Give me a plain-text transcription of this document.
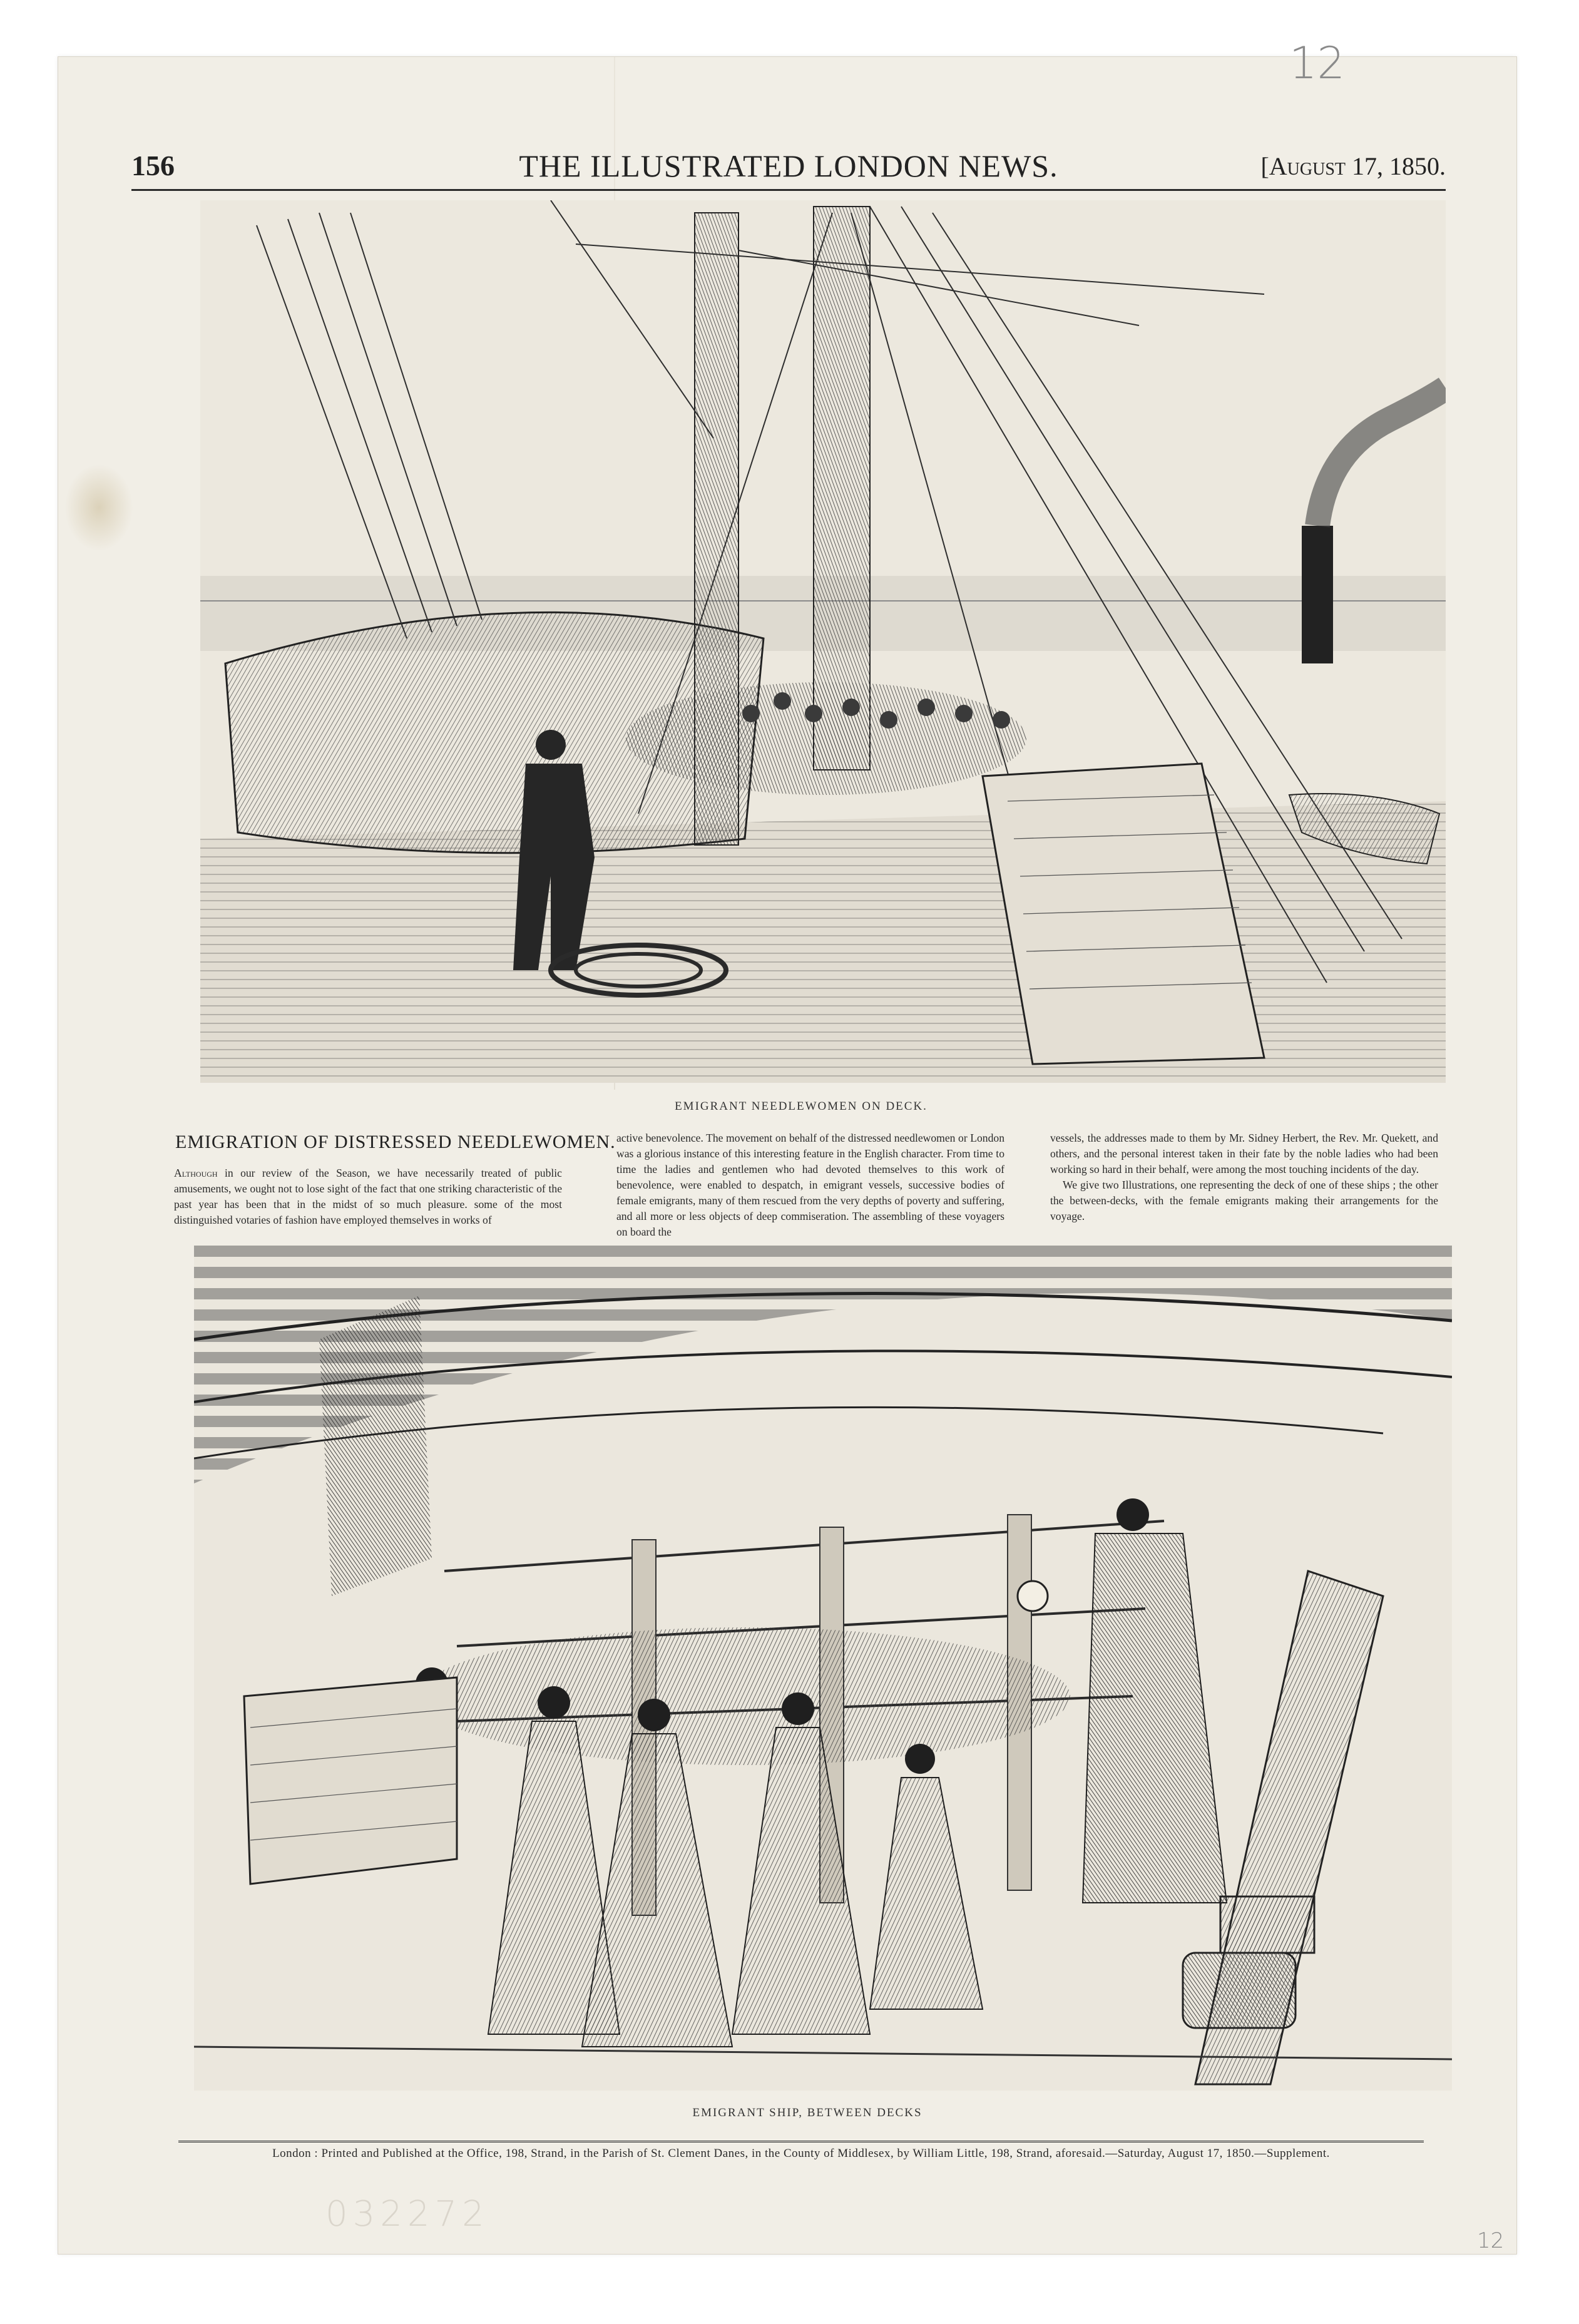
12
12
032272
156	THE ILLUSTRATED LONDON NEWS.	[August 17, 1850.
EMIGRANT NEEDLEWOMEN ON DECK.
EMIGRATION OF DISTRESSED NEEDLEWOMEN.

Although in our review of the Season, we have necessarily treated of public amusements, we ought not to lose sight of the fact that one striking characteristic of the past year has been that in the midst of so much pleasure. some of the most distinguished votaries of fashion have employed themselves in works of

active benevolence. The movement on behalf of the distressed needlewomen or London was a glorious instance of this interesting feature in the English character. From time to time the ladies and gentlemen who had devoted themselves to this work of benevolence, were enabled to despatch, in emigrant vessels, successive bodies of female emigrants, many of them rescued from the very depths of poverty and suffering, and all more or less objects of deep commiseration. The assembling of these voyagers on board the

vessels, the addresses made to them by Mr. Sidney Herbert, the Rev. Mr. Quekett, and others, and the personal interest taken in their fate by the noble ladies who had been working so hard in their behalf, were among the most touching incidents of the day.

We give two Illustrations, one representing the deck of one of these ships ; the other the between-decks, with the female emigrants making their arrangements for the voyage.

EMIGRANT SHIP, BETWEEN DECKS
London : Printed and Published at the Office, 198, Strand, in the Parish of St. Clement Danes, in the County of Middlesex, by William Little, 198, Strand, aforesaid.—Saturday, August 17, 1850.—Supplement.
